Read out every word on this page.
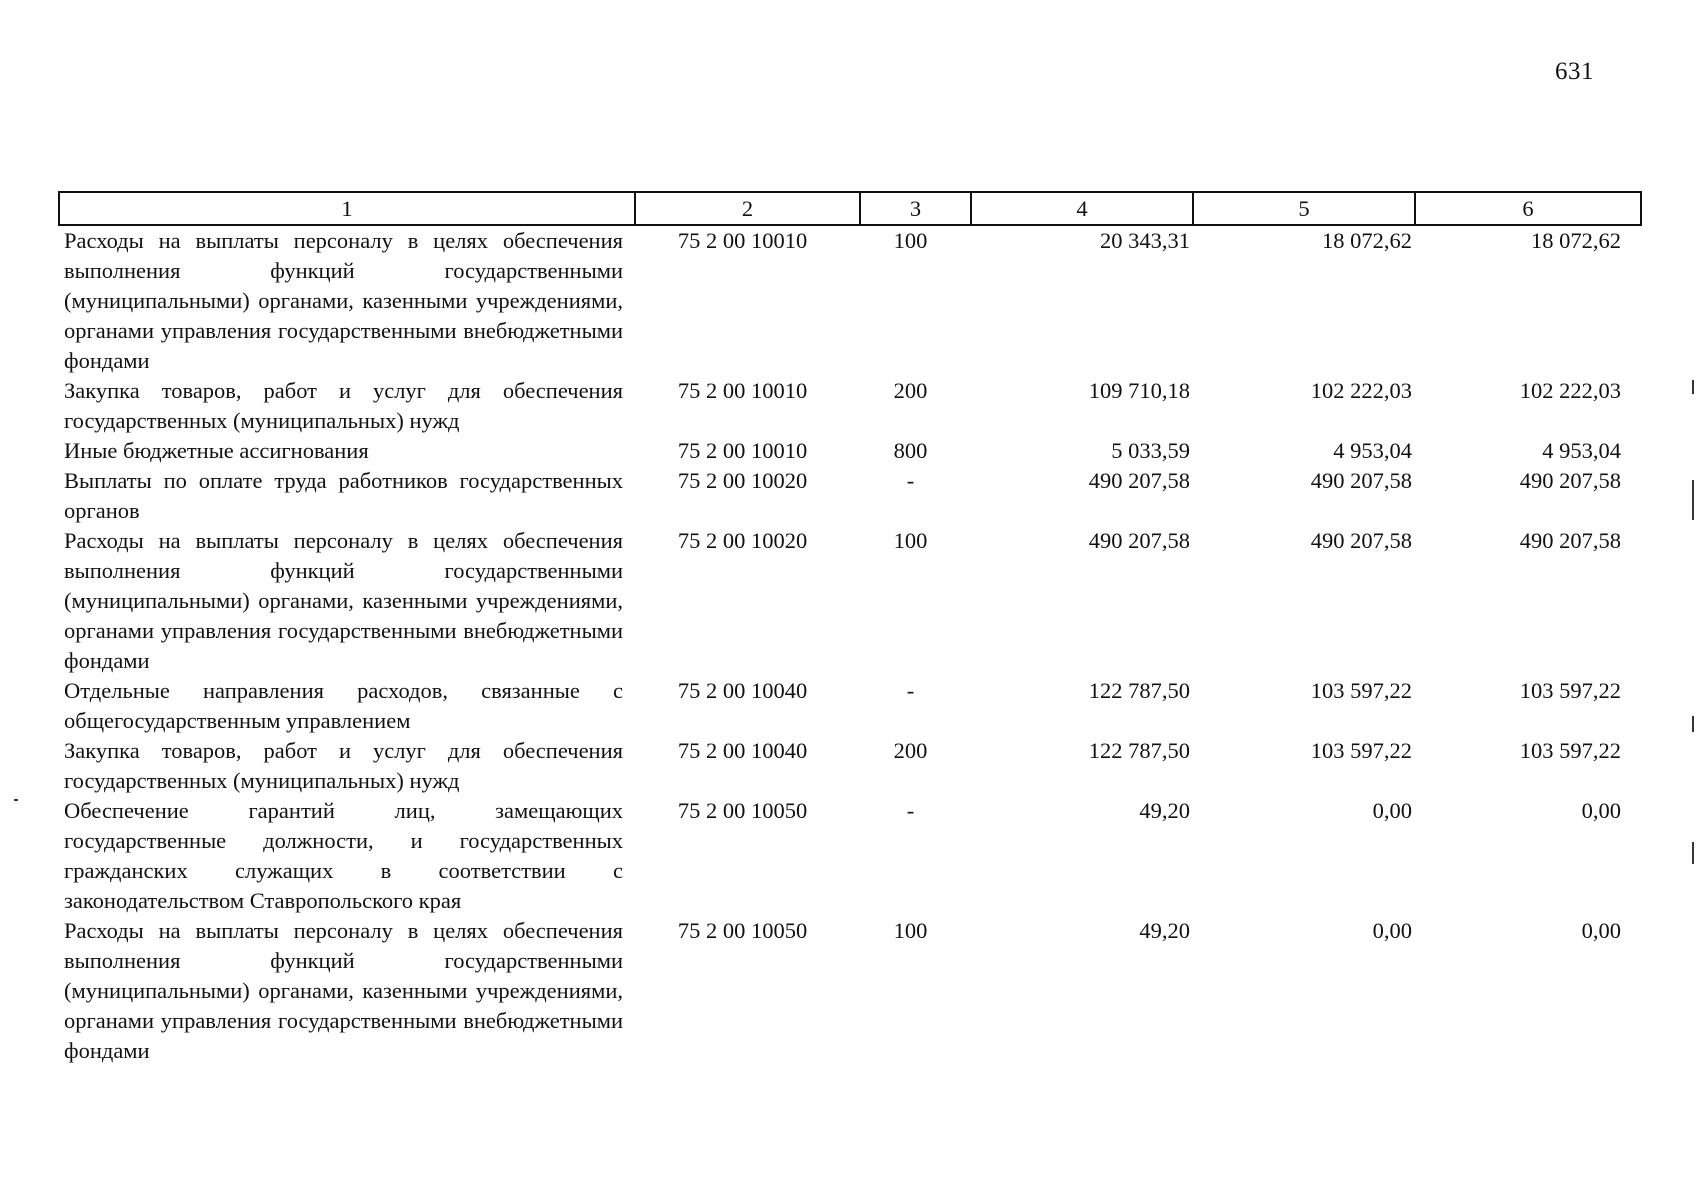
631
1	2	3	4	5	6
Расходы на выплаты персоналу в целях обеспечения выполнения функций государственными (муниципальными) органами, казенными учреждениями, органами управления государственными внебюджетными фондами	75 2 00 10010	100	20 343,31	18 072,62	18 072,62
Закупка товаров, работ и услуг для обеспечения государственных (муниципальных) нужд	75 2 00 10010	200	109 710,18	102 222,03	102 222,03
Иные бюджетные ассигнования	75 2 00 10010	800	5 033,59	4 953,04	4 953,04
Выплаты по оплате труда работников государственных органов	75 2 00 10020	-	490 207,58	490 207,58	490 207,58
Расходы на выплаты персоналу в целях обеспечения выполнения функций государственными (муниципальными) органами, казенными учреждениями, органами управления государственными внебюджетными фондами	75 2 00 10020	100	490 207,58	490 207,58	490 207,58
Отдельные направления расходов, связанные с общегосударственным управлением	75 2 00 10040	-	122 787,50	103 597,22	103 597,22
Закупка товаров, работ и услуг для обеспечения государственных (муниципальных) нужд	75 2 00 10040	200	122 787,50	103 597,22	103 597,22
Обеспечение гарантий лиц, замещающих государственные должности, и государственных гражданских служащих в соответствии с законодательством Ставропольского края	75 2 00 10050	-	49,20	0,00	0,00
Расходы на выплаты персоналу в целях обеспечения выполнения функций государственными (муниципальными) органами, казенными учреждениями, органами управления государственными внебюджетными фондами	75 2 00 10050	100	49,20	0,00	0,00
